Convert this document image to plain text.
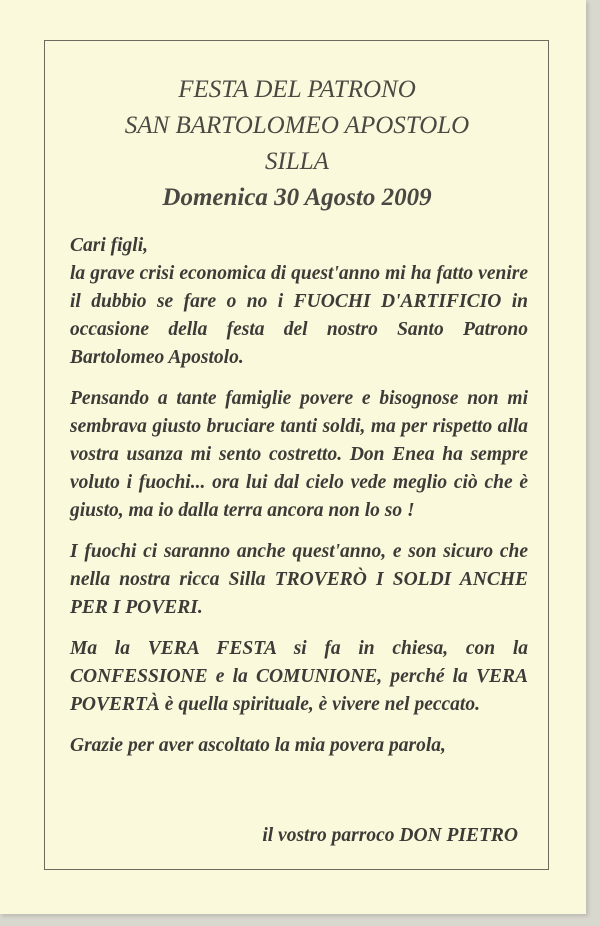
FESTA DEL PATRONO
SAN BARTOLOMEO APOSTOLO
SILLA
Domenica 30 Agosto 2009

Cari figli,

la grave crisi economica di quest'anno mi ha fatto venire il dubbio se fare o no i FUOCHI D'ARTIFICIO in occasione della festa del nostro Santo Patrono Bartolomeo Apostolo.

Pensando a tante famiglie povere e bisognose non mi sembrava giusto bruciare tanti soldi, ma per rispetto alla vostra usanza mi sento costretto. Don Enea ha sempre voluto i fuochi... ora lui dal cielo vede meglio ciò che è giusto, ma io dalla terra ancora non lo so !

I fuochi ci saranno anche quest'anno, e son sicuro che nella nostra ricca Silla TROVERÒ I SOLDI ANCHE PER I POVERI.

Ma la VERA FESTA si fa in chiesa, con la CONFESSIONE e la COMUNIONE, perché la VERA POVERTÀ è quella spirituale, è vivere nel peccato.

Grazie per aver ascoltato la mia povera parola,

il vostro parroco DON PIETRO
